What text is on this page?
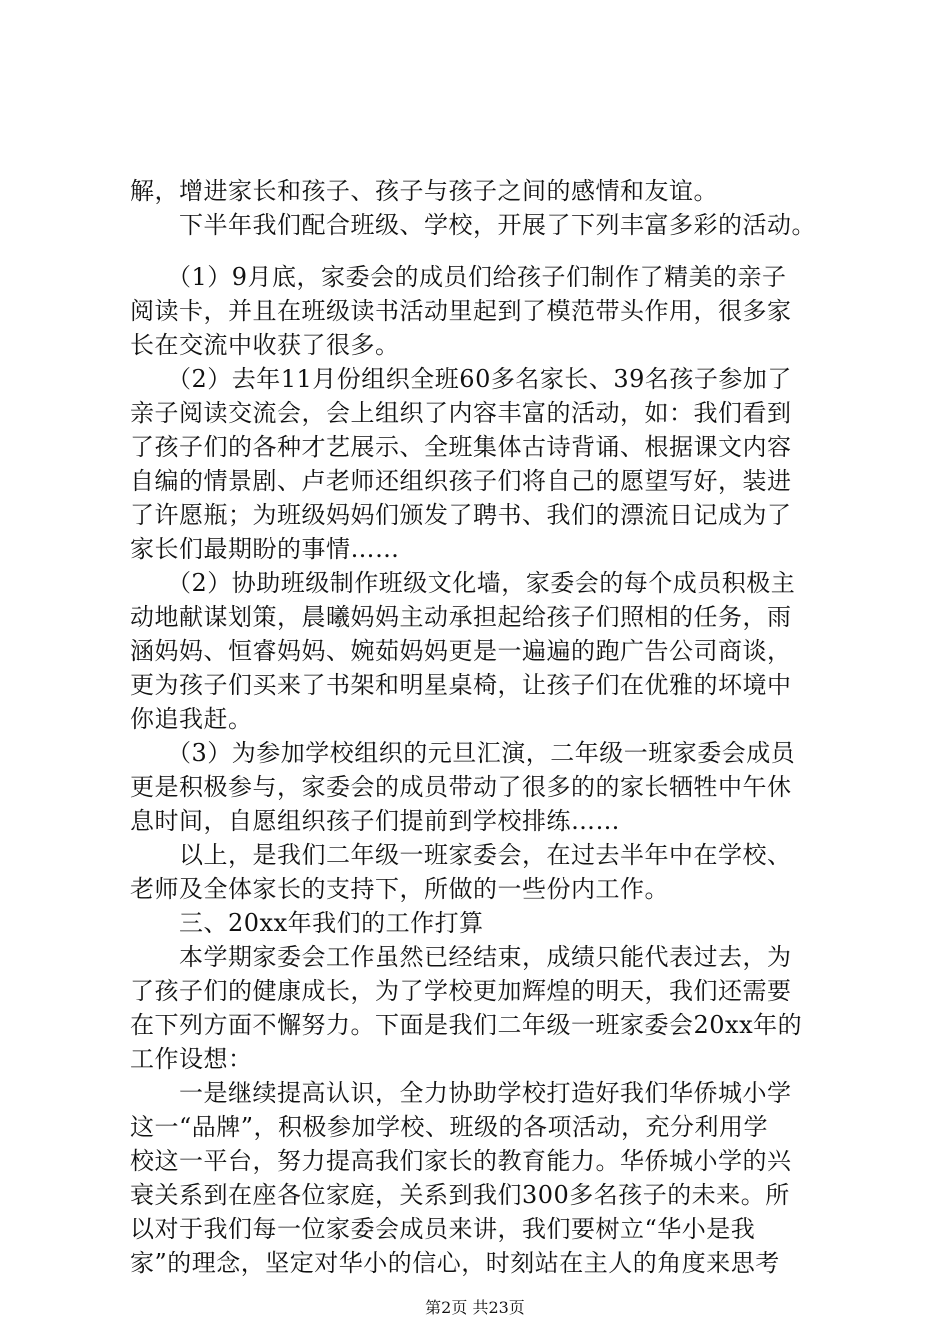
解，增进家长和孩子、孩子与孩子之间的感情和友谊。
　　下半年我们配合班级、学校，开展了下列丰富多彩的活动。
　　（1）9月底，家委会的成员们给孩子们制作了精美的亲子
阅读卡，并且在班级读书活动里起到了模范带头作用，很多家
长在交流中收获了很多。
　　（2）去年11月份组织全班60多名家长、39名孩子参加了
亲子阅读交流会，会上组织了内容丰富的活动，如：我们看到
了孩子们的各种才艺展示、全班集体古诗背诵、根据课文内容
自编的情景剧、卢老师还组织孩子们将自己的愿望写好，装进
了许愿瓶；为班级妈妈们颁发了聘书、我们的漂流日记成为了
家长们最期盼的事情……
　　（2）协助班级制作班级文化墙，家委会的每个成员积极主
动地献谋划策，晨曦妈妈主动承担起给孩子们照相的任务，雨
涵妈妈、恒睿妈妈、婉茹妈妈更是一遍遍的跑广告公司商谈，
更为孩子们买来了书架和明星桌椅，让孩子们在优雅的坏境中
你追我赶。
　　（3）为参加学校组织的元旦汇演，二年级一班家委会成员
更是积极参与，家委会的成员带动了很多的的家长牺牲中午休
息时间，自愿组织孩子们提前到学校排练……
　　以上，是我们二年级一班家委会，在过去半年中在学校、
老师及全体家长的支持下，所做的一些份内工作。
　　三、20xx年我们的工作打算
　　本学期家委会工作虽然已经结束，成绩只能代表过去，为
了孩子们的健康成长，为了学校更加辉煌的明天，我们还需要
在下列方面不懈努力。下面是我们二年级一班家委会20xx年的
工作设想：
　　一是继续提高认识，全力协助学校打造好我们华侨城小学
这一“品牌”，积极参加学校、班级的各项活动，充分利用学
校这一平台，努力提高我们家长的教育能力。华侨城小学的兴
衰关系到在座各位家庭，关系到我们300多名孩子的未来。所
以对于我们每一位家委会成员来讲，我们要树立“华小是我
家”的理念，坚定对华小的信心，时刻站在主人的角度来思考
第2页 共23页
